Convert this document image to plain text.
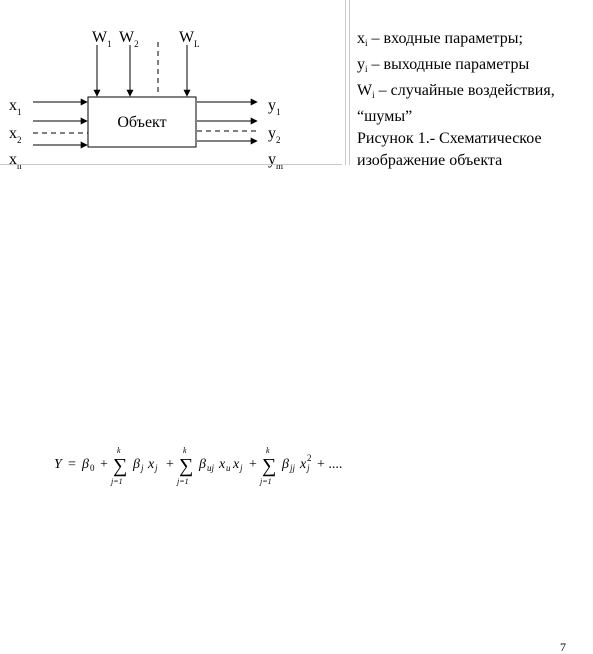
Объект
$W_1$ $W_2$	$W_L$
$x_1$
$x_2$
$x_n$
$y_1$
$y_2$
$y_m$
$x_i$ – входные параметры;
$y_i$ – выходные параметры
$W_i$ – случайные воздействия,
“шумы”
Рисунок 1.- Схематическое
изображение объекта
Y = β 0 +
k
∑
j=1
β j x j +
k
∑
j=1
β uj x u x j +
k
∑
j=1
β jj x j
2 + ....
7
